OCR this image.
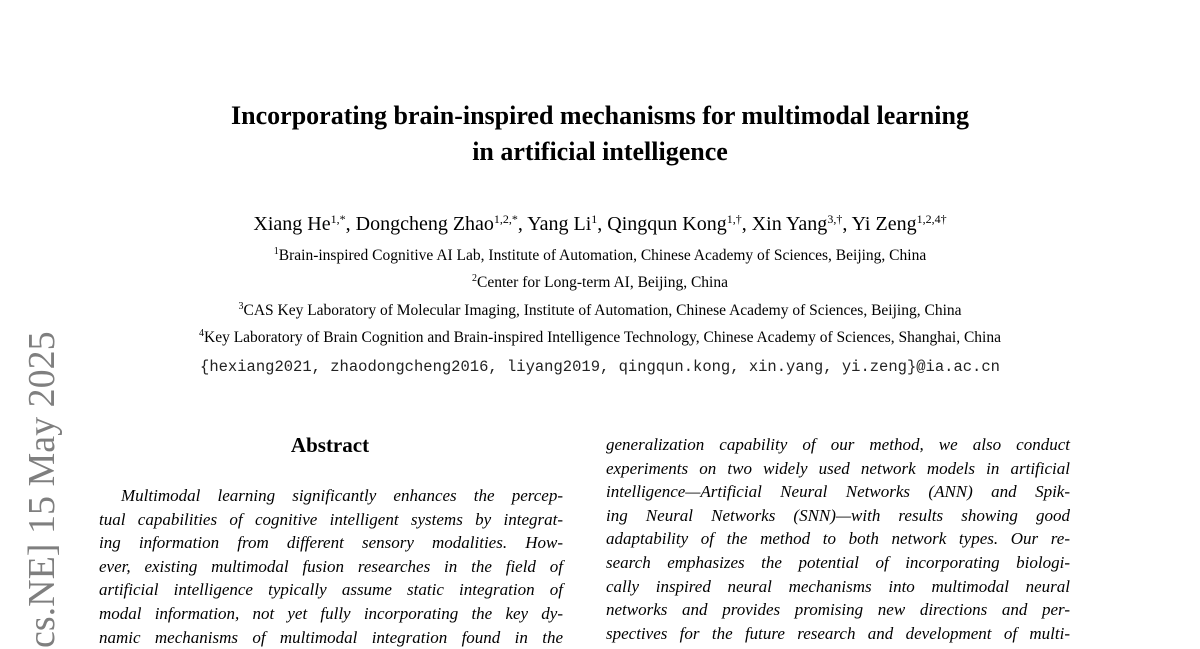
cs.NE] 15 May 2025
Incorporating brain-inspired mechanisms for multimodal learning
in artificial intelligence
Xiang $He^{1,*}$, Dongcheng Zhao$^{1,2,*}$, Yang Li$^1$, Qingqun Kong$^{1,\dagger}$, Xin Yang$^{3,\dagger}$, Yi Zeng$^{1,2,4\dagger}$
$^1$Brain-inspired Cognitive AI Lab, Institute of Automation, Chinese Academy of Sciences, Beijing, China
$^2$Center for Long-term AI, Beijing, China
$^3$CAS Key Laboratory of Molecular Imaging, Institute of Automation, Chinese Academy of Sciences, Beijing, China
$^4$Key Laboratory of Brain Cognition and Brain-inspired Intelligence Technology, Chinese Academy of Sciences, Shanghai, China
{hexiang2021, zhaodongcheng2016, liyang2019, qingqun.kong, xin.yang, yi.zeng}@ia.ac.cn
Abstract
Multimodal learning significantly enhances the percep-
tual capabilities of cognitive intelligent systems by integrat-
ing information from different sensory modalities. How-
ever, existing multimodal fusion researches in the field of
artificial intelligence typically assume static integration of
modal information, not yet fully incorporating the key dy-
namic mechanisms of multimodal integration found in the
generalization capability of our method, we also conduct
experiments on two widely used network models in artificial
intelligence—Artificial Neural Networks (ANN) and Spik-
ing Neural Networks (SNN)—with results showing good
adaptability of the method to both network types. Our re-
search emphasizes the potential of incorporating biologi-
cally inspired neural mechanisms into multimodal neural
networks and provides promising new directions and per-
spectives for the future research and development of multi-
